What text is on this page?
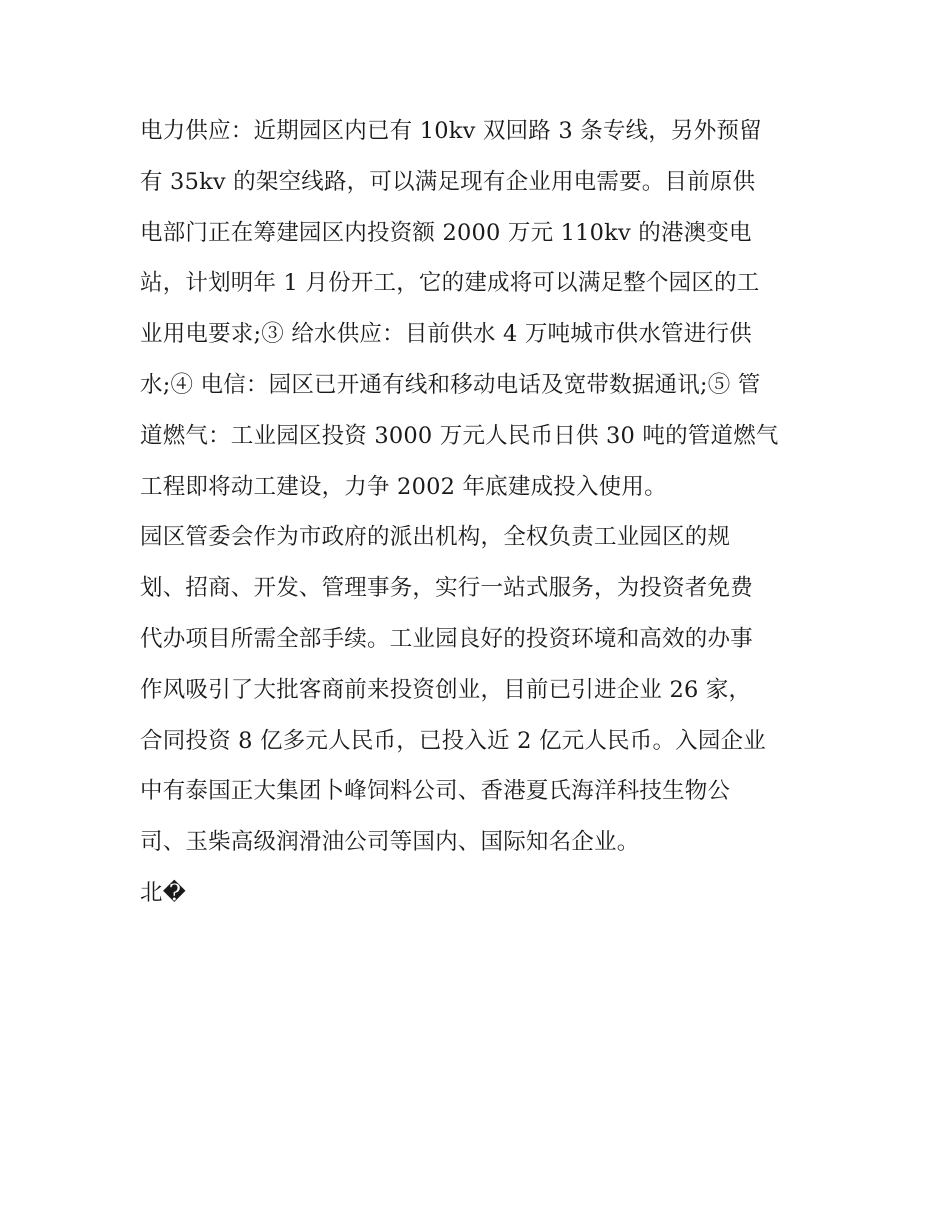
电力供应：近期园区内已有 10kv 双回路 3 条专线，另外预留
有 35kv 的架空线路，可以满足现有企业用电需要。目前原供
电部门正在筹建园区内投资额 2000 万元 110kv 的港澳变电
站，计划明年 1 月份开工，它的建成将可以满足整个园区的工
业用电要求;③ 给水供应：目前供水 4 万吨城市供水管进行供
水;④ 电信：园区已开通有线和移动电话及宽带数据通讯;⑤ 管
道燃气：工业园区投资 3000 万元人民币日供 30 吨的管道燃气
工程即将动工建设，力争 2002 年底建成投入使用。
园区管委会作为市政府的派出机构，全权负责工业园区的规
划、招商、开发、管理事务，实行一站式服务，为投资者免费
代办项目所需全部手续。工业园良好的投资环境和高效的办事
作风吸引了大批客商前来投资创业，目前已引进企业 26 家，
合同投资 8 亿多元人民币，已投入近 2 亿元人民币。入园企业
中有泰国正大集团卜峰饲料公司、香港夏氏海洋科技生物公
司、玉柴高级润滑油公司等国内、国际知名企业。
北�
